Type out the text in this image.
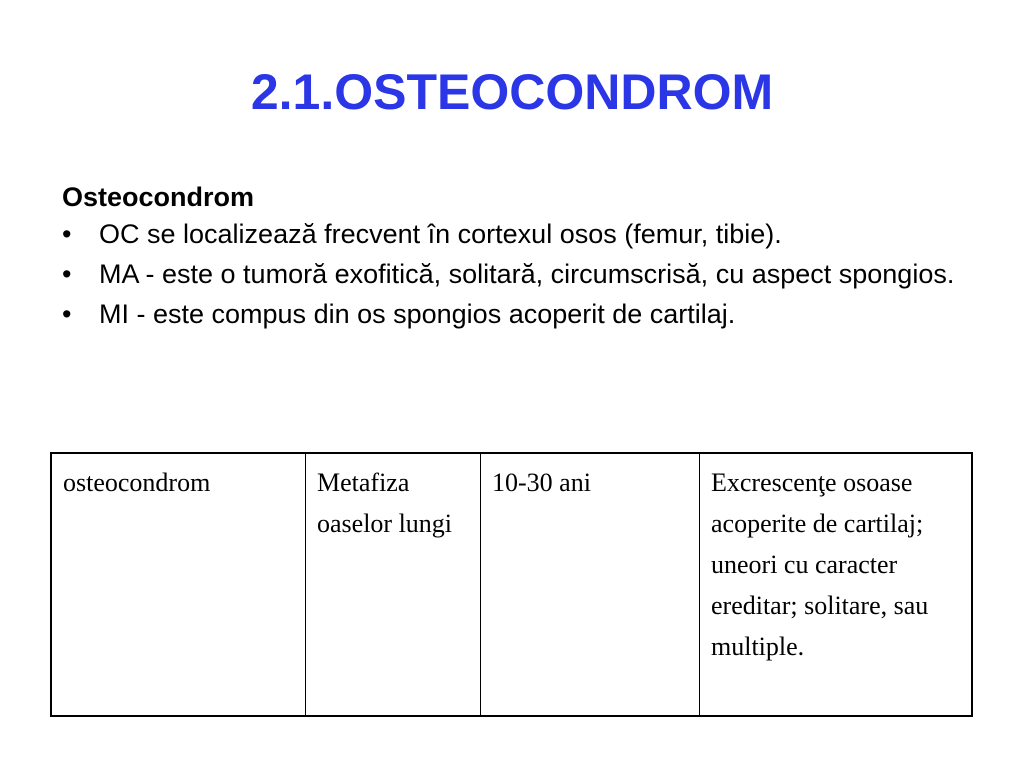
2.1.OSTEOCONDROM

Osteocondrom

• OC se localizează frecvent în cortexul osos (femur, tibie).
• MA - este o tumoră exofitică, solitară, circumscrisă, cu aspect spongios.
• MI - este compus din os spongios acoperit de cartilaj.
osteocondrom	Metafiza oaselor lungi	10-30 ani	Excrescenţe osoase acoperite de cartilaj; uneori cu caracter ereditar; solitare, sau multiple.
